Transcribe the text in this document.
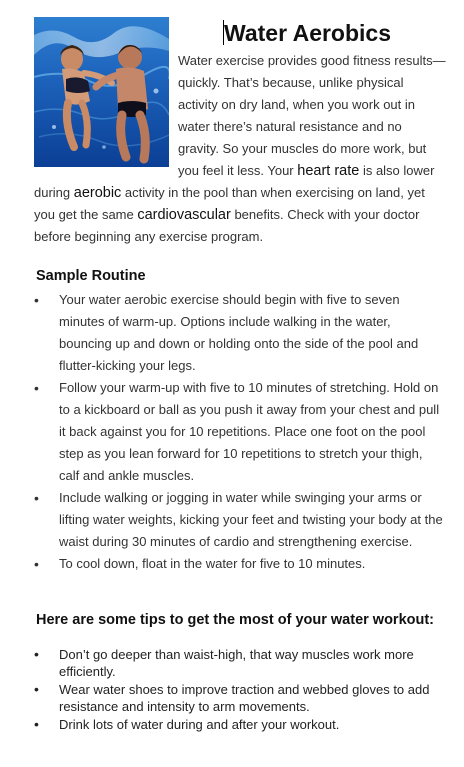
Water Aerobics

Water exercise provides good fitness results—quickly. That’s because, unlike physical activity on dry land, when you work out in water there’s natural resistance and no gravity. So your muscles do more work, but you feel it less. Your heart rate is also lower during aerobic activity in the pool than when exercising on land, yet you get the same cardiovascular benefits. Check with your doctor before beginning any exercise program.

Sample Routine
• Your water aerobic exercise should begin with five to seven minutes of warm-up. Options include walking in the water, bouncing up and down or holding onto the side of the pool and flutter-kicking your legs.
• Follow your warm-up with five to 10 minutes of stretching. Hold on to a kickboard or ball as you push it away from your chest and pull it back against you for 10 repetitions. Place one foot on the pool step as you lean forward for 10 repetitions to stretch your thigh, calf and ankle muscles.
• Include walking or jogging in water while swinging your arms or lifting water weights, kicking your feet and twisting your body at the waist during 30 minutes of cardio and strengthening exercise.
• To cool down, float in the water for five to 10 minutes.
Here are some tips to get the most of your water workout:
• Don’t go deeper than waist-high, that way muscles work more efficiently.
• Wear water shoes to improve traction and webbed gloves to add resistance and intensity to arm movements.
• Drink lots of water during and after your workout.
